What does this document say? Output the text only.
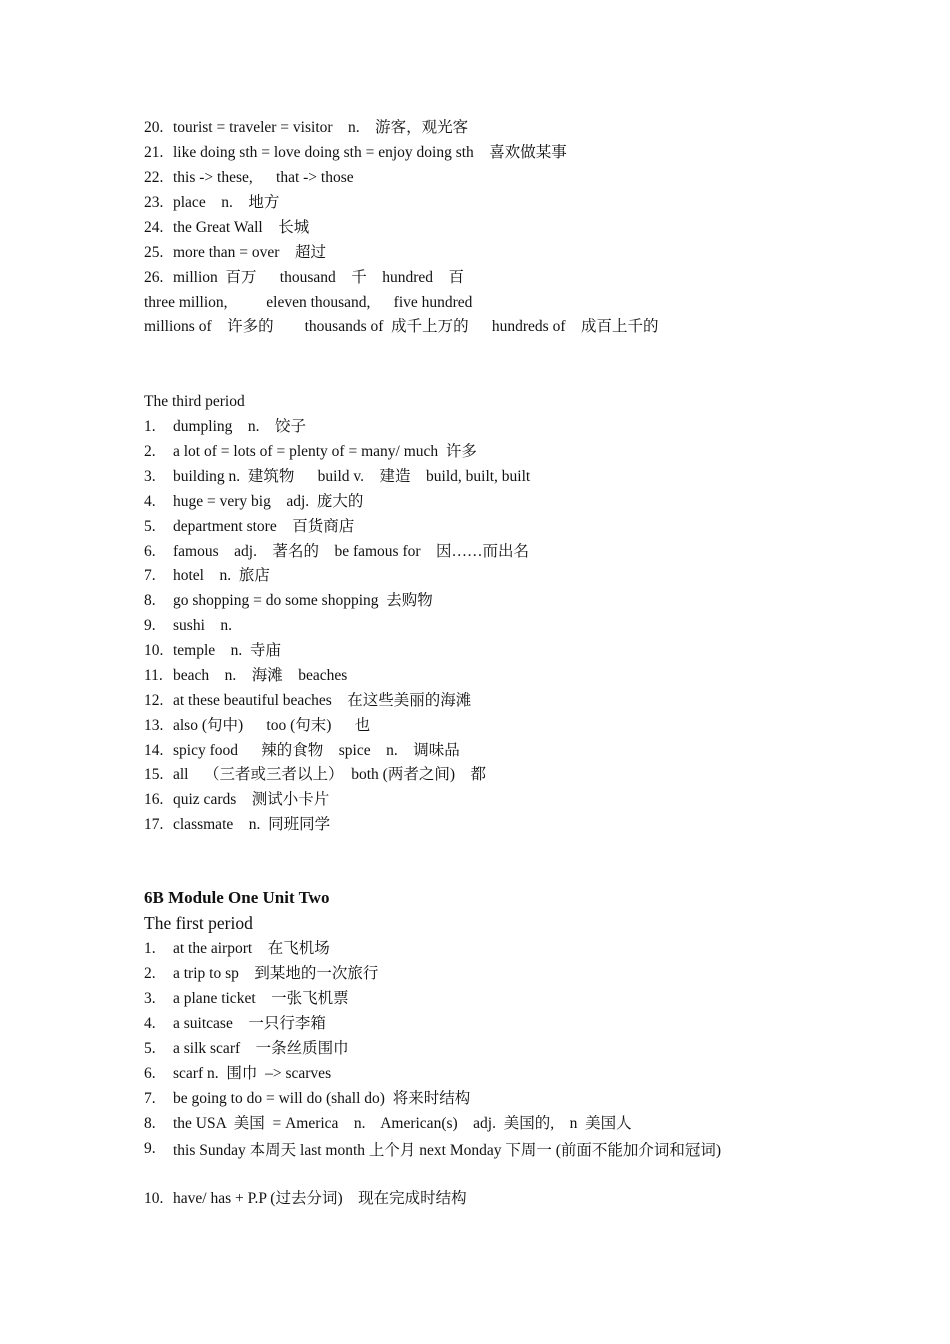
20. tourist = traveler = visitor    n.    游客，观光客
21. like doing sth = love doing sth = enjoy doing sth    喜欢做某事
22. this -> these,      that -> those
23. place    n.    地方
24. the Great Wall    长城
25. more than = over    超过
26. million  百万      thousand    千    hundred    百

three million,          eleven thousand,      five hundred

millions of    许多的        thousands of  成千上万的      hundreds of    成百上千的

The third period

1. dumpling    n.    饺子
2. a lot of = lots of = plenty of = many/ much  许多
3. building n.  建筑物      build v.    建造    build, built, built
4. huge = very big    adj.  庞大的
5. department store    百货商店
6. famous    adj.    著名的    be famous for    因……而出名
7. hotel    n.  旅店
8. go shopping = do some shopping  去购物
9. sushi    n.
10. temple    n.  寺庙
11. beach    n.    海滩    beaches
12. at these beautiful beaches    在这些美丽的海滩
13. also (句中)      too (句末)      也
14. spicy food      辣的食物    spice    n.    调味品
15. all    （三者或三者以上）  both (两者之间)    都
16. quiz cards    测试小卡片
17. classmate    n.  同班同学
6B Module One Unit Two
The first period
1. at the airport    在飞机场
2. a trip to sp    到某地的一次旅行
3. a plane ticket    一张飞机票
4. a suitcase    一只行李箱
5. a silk scarf    一条丝质围巾
6. scarf n.  围巾  –> scarves
7. be going to do = will do (shall do)  将来时结构
8. the USA  美国  = America    n.    American(s)    adj.  美国的,    n  美国人
9. this Sunday 本周天 last month 上个月 next Monday 下周一 (前面不能加介词和冠词)
10. have/ has + P.P (过去分词)    现在完成时结构
